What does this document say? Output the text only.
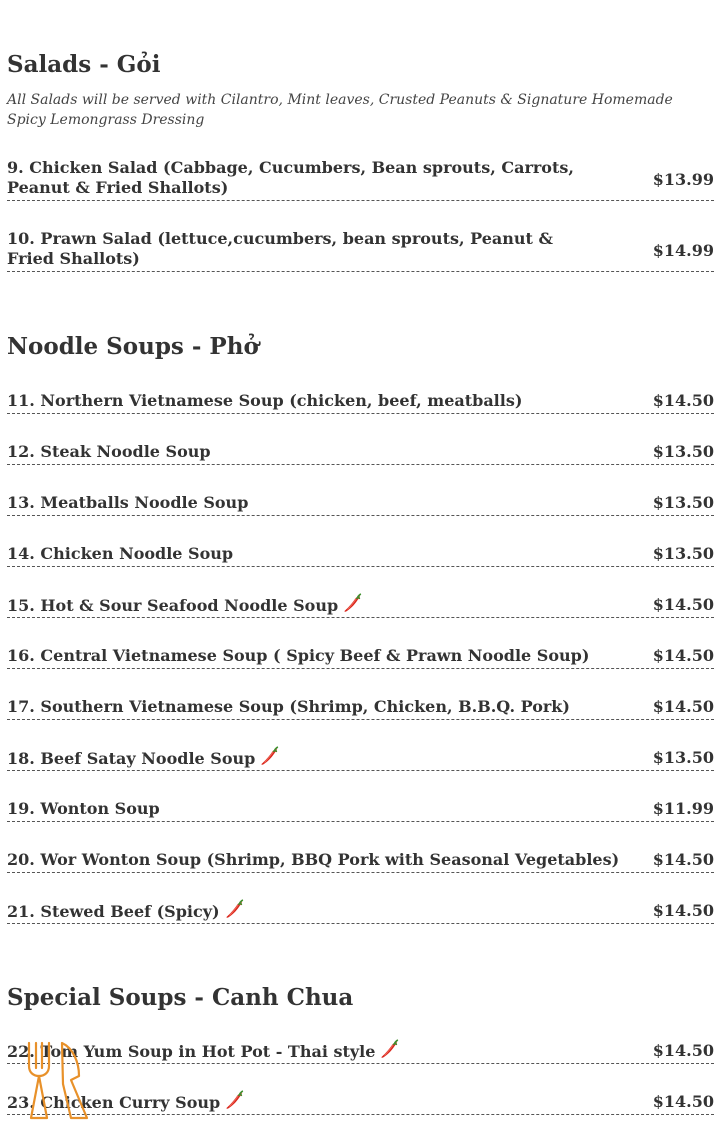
Salads - Gỏi

All Salads will be served with Cilantro, Mint leaves, Crusted Peanuts & Signature Homemade Spicy Lemongrass Dressing

9. Chicken Salad (Cabbage, Cucumbers, Bean sprouts, Carrots, Peanut & Fried Shallots)	$13.99
10. Prawn Salad (lettuce,cucumbers, bean sprouts, Peanut & Fried Shallots)	$14.99
Noodle Soups - Phở
11. Northern Vietnamese Soup (chicken, beef, meatballs)	$14.50
12. Steak Noodle Soup	$13.50
13. Meatballs Noodle Soup	$13.50
14. Chicken Noodle Soup	$13.50
15. Hot & Sour Seafood Noodle Soup	$14.50
16. Central Vietnamese Soup ( Spicy Beef & Prawn Noodle Soup)	$14.50
17. Southern Vietnamese Soup (Shrimp, Chicken, B.B.Q. Pork)	$14.50
18. Beef Satay Noodle Soup	$13.50
19. Wonton Soup	$11.99
20. Wor Wonton Soup (Shrimp, BBQ Pork with Seasonal Vegetables) $14.50
21. Stewed Beef (Spicy)	$14.50
Special Soups - Canh Chua
22. Tom Yum Soup in Hot Pot - Thai style	$14.50
23. Chicken Curry Soup	$14.50
